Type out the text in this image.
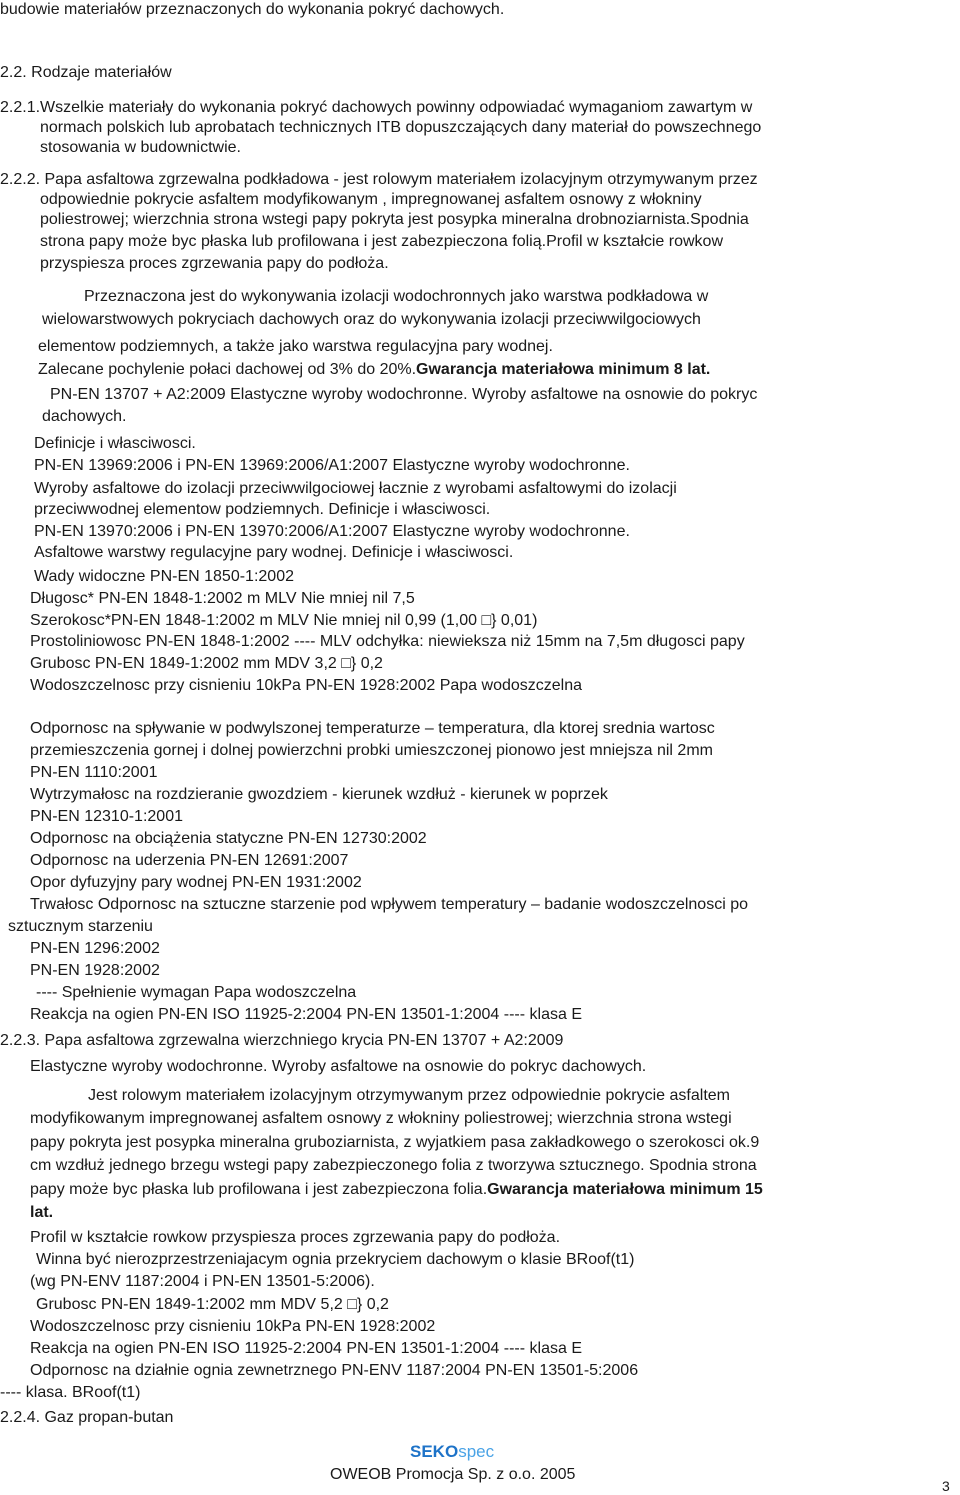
budowie materiałów przeznaczonych do wykonania pokryć dachowych.
2.2. Rodzaje materiałów
2.2.1.Wszelkie materiały do wykonania pokryć dachowych powinny odpowiadać wymaganiom zawartym w
normach polskich lub aprobatach technicznych ITB dopuszczających dany materiał do powszechnego
stosowania w budownictwie.
2.2.2. Papa asfaltowa zgrzewalna podkładowa - jest rolowym materiałem izolacyjnym otrzymywanym przez
odpowiednie pokrycie asfaltem modyfikowanym , impregnowanej asfaltem osnowy z włokniny
poliestrowej; wierzchnia strona wstegi papy pokryta jest posypka mineralna drobnoziarnista.Spodnia
strona papy może byc płaska lub profilowana i jest zabezpieczona folią.Profil w kształcie rowkow
przyspiesza proces zgrzewania papy do podłoża.
Przeznaczona jest do wykonywania izolacji wodochronnych jako warstwa podkładowa w
wielowarstwowych pokryciach dachowych oraz do wykonywania izolacji przeciwwilgociowych
elementow podziemnych, a także jako warstwa regulacyjna pary wodnej.
Zalecane pochylenie połaci dachowej od 3% do 20%.Gwarancja materiałowa minimum 8 lat.
PN-EN 13707 + A2:2009 Elastyczne wyroby wodochronne. Wyroby asfaltowe na osnowie do pokryc
dachowych.
Definicje i własciwosci.
PN-EN 13969:2006 i PN-EN 13969:2006/A1:2007 Elastyczne wyroby wodochronne.
Wyroby asfaltowe do izolacji przeciwwilgociowej łacznie z wyrobami asfaltowymi do izolacji
przeciwwodnej elementow podziemnych. Definicje i własciwosci.
PN-EN 13970:2006 i PN-EN 13970:2006/A1:2007 Elastyczne wyroby wodochronne.
Asfaltowe warstwy regulacyjne pary wodnej. Definicje i własciwosci.
Wady widoczne PN-EN 1850-1:2002
Długosc* PN-EN 1848-1:2002 m MLV Nie mniej nil 7,5
Szerokosc*PN-EN 1848-1:2002 m MLV Nie mniej nil 0,99 (1,00 □} 0,01)
Prostoliniowosc PN-EN 1848-1:2002 ---- MLV odchyłka: niewieksza niż 15mm na 7,5m długosci papy
Grubosc PN-EN 1849-1:2002 mm MDV 3,2 □} 0,2
Wodoszczelnosc przy cisnieniu 10kPa PN-EN 1928:2002 Papa wodoszczelna
Odpornosc na spływanie w podwylszonej temperaturze – temperatura, dla ktorej srednia wartosc
przemieszczenia gornej i dolnej powierzchni probki umieszczonej pionowo jest mniejsza nil 2mm
PN-EN 1110:2001
Wytrzymałosc na rozdzieranie gwozdziem - kierunek wzdłuż - kierunek w poprzek
PN-EN 12310-1:2001
Odpornosc na obciążenia statyczne PN-EN 12730:2002
Odpornosc na uderzenia PN-EN 12691:2007
Opor dyfuzyjny pary wodnej PN-EN 1931:2002
Trwałosc Odpornosc na sztuczne starzenie pod wpływem temperatury – badanie wodoszczelnosci po
sztucznym starzeniu
PN-EN 1296:2002
PN-EN 1928:2002
---- Spełnienie wymagan Papa wodoszczelna
Reakcja na ogien PN-EN ISO 11925-2:2004 PN-EN 13501-1:2004 ---- klasa E
2.2.3. Papa asfaltowa zgrzewalna wierzchniego krycia PN-EN 13707 + A2:2009
Elastyczne wyroby wodochronne. Wyroby asfaltowe na osnowie do pokryc dachowych.
Jest rolowym materiałem izolacyjnym otrzymywanym przez odpowiednie pokrycie asfaltem
modyfikowanym impregnowanej asfaltem osnowy z włokniny poliestrowej; wierzchnia strona wstegi
papy pokryta jest posypka mineralna gruboziarnista, z wyjatkiem pasa zakładkowego o szerokosci ok.9
cm wzdłuż jednego brzegu wstegi papy zabezpieczonego folia z tworzywa sztucznego. Spodnia strona
papy może byc płaska lub profilowana i jest zabezpieczona folia.Gwarancja materiałowa minimum 15
lat.
Profil w kształcie rowkow przyspiesza proces zgrzewania papy do podłoża.
Winna być nierozprzestrzeniajacym ognia przekryciem dachowym o klasie BRoof(t1)
(wg PN-ENV 1187:2004 i PN-EN 13501-5:2006).
Grubosc PN-EN 1849-1:2002 mm MDV 5,2 □} 0,2
Wodoszczelnosc przy cisnieniu 10kPa PN-EN 1928:2002
Reakcja na ogien PN-EN ISO 11925-2:2004 PN-EN 13501-1:2004 ---- klasa E
Odpornosc na działnie ognia zewnetrznego PN-ENV 1187:2004 PN-EN 13501-5:2006
---- klasa. BRoof(t1)
2.2.4. Gaz propan-butan
SEKOspec
OWEOB Promocja Sp. z o.o. 2005
3
